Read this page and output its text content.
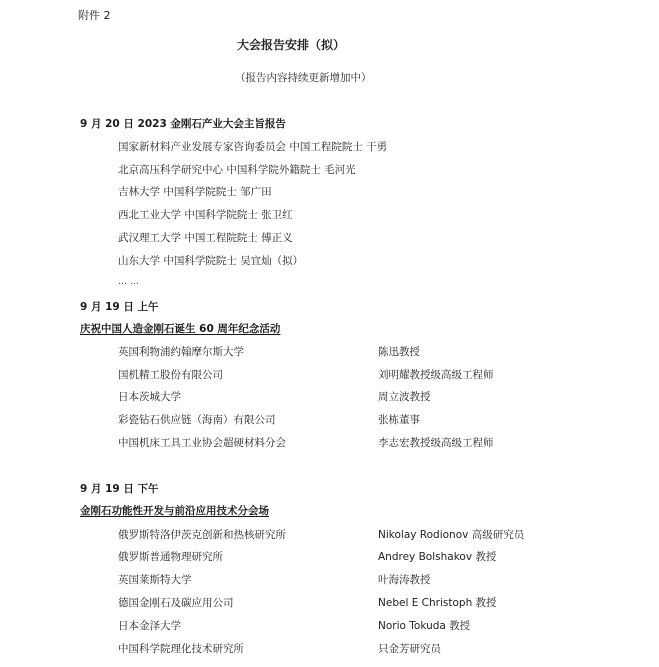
附件 2
大会报告安排（拟）
（报告内容持续更新增加中）
9 月 20 日 2023 金刚石产业大会主旨报告
国家新材料产业发展专家咨询委员会 中国工程院院士 干勇
北京高压科学研究中心 中国科学院外籍院士 毛河光
吉林大学 中国科学院院士 邹广田
西北工业大学 中国科学院院士 张卫红
武汉理工大学 中国工程院院士 傅正义
山东大学 中国科学院院士 吴宜灿（拟）
… …
9 月 19 日 上午
庆祝中国人造金刚石诞生 60 周年纪念活动
英国利物浦约翰摩尔斯大学	陈迅教授
国机精工股份有限公司	刘明耀教授级高级工程师
日本茨城大学	周立波教授
彩瓷钻石供应链（海南）有限公司	张栋董事
中国机床工具工业协会超硬材料分会	李志宏教授级高级工程师
9 月 19 日 下午
金刚石功能性开发与前沿应用技术分会场
俄罗斯特洛伊茨克创新和热核研究所	Nikolay Rodionov 高级研究员
俄罗斯普通物理研究所	Andrey Bolshakov 教授
英国莱斯特大学	叶海涛教授
德国金刚石及碳应用公司	Nebel E Christoph 教授
日本金泽大学	Norio Tokuda 教授
中国科学院理化技术研究所	只金芳研究员
